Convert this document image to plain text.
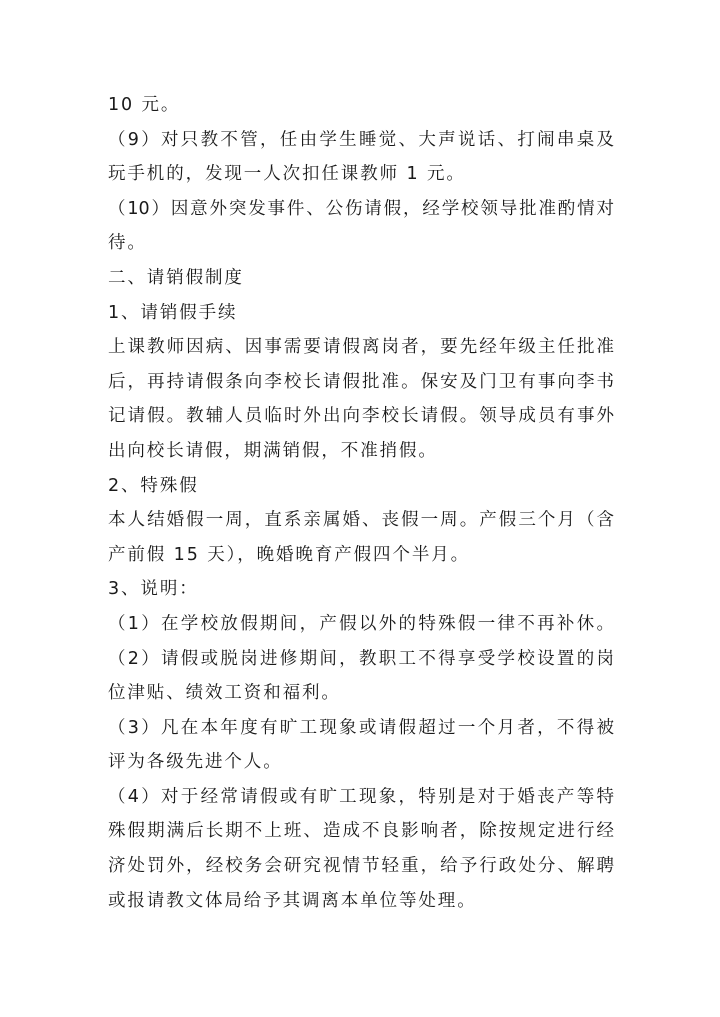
10 元。
（9）对只教不管，任由学生睡觉、大声说话、打闹串桌及
玩手机的，发现一人次扣任课教师 1 元。
（10）因意外突发事件、公伤请假，经学校领导批准酌情对
待。
二、请销假制度
1、请销假手续
上课教师因病、因事需要请假离岗者，要先经年级主任批准
后，再持请假条向李校长请假批准。保安及门卫有事向李书
记请假。教辅人员临时外出向李校长请假。领导成员有事外
出向校长请假，期满销假，不准捎假。
2、特殊假
本人结婚假一周，直系亲属婚、丧假一周。产假三个月（含
产前假 15 天），晚婚晚育产假四个半月。
3、说明：
（1）在学校放假期间，产假以外的特殊假一律不再补休。
（2）请假或脱岗进修期间，教职工不得享受学校设置的岗
位津贴、绩效工资和福利。
（3）凡在本年度有旷工现象或请假超过一个月者，不得被
评为各级先进个人。
（4）对于经常请假或有旷工现象，特别是对于婚丧产等特
殊假期满后长期不上班、造成不良影响者，除按规定进行经
济处罚外，经校务会研究视情节轻重，给予行政处分、解聘
或报请教文体局给予其调离本单位等处理。
